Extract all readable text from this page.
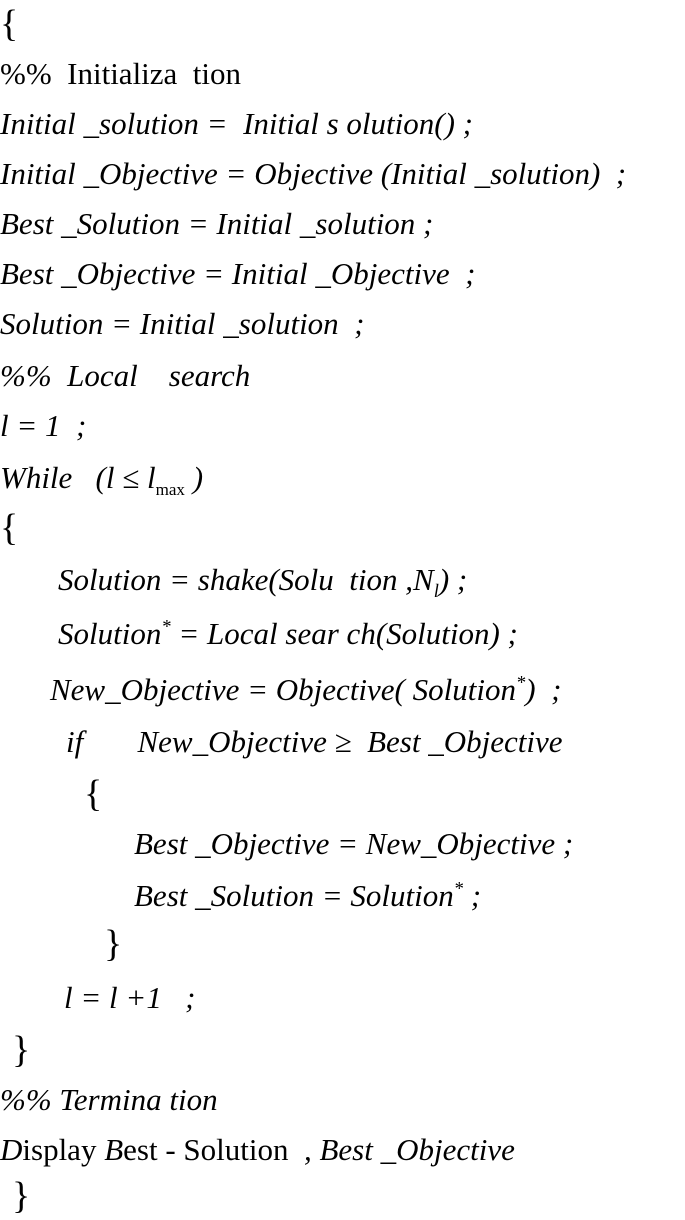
{
%%  Initializa  tion
Initial _solution =  Initial s olution() ;
Initial _Objective = Objective (Initial _solution)  ;
Best _Solution = Initial _solution ;
Best _Objective = Initial _Objective  ;
Solution = Initial _solution  ;
%%  Local    search
l = 1  ;
While   ($l \le l_{max}$ )
{
Solution = shake(Solu  tion $,N_l$) ;
Solution* = Local sear ch(Solution) ;
New_Objective = Objective( Solution*)  ;
if       New_Objective ≥  Best _Objective
{
Best _Objective = New_Objective ;
Best _Solution = Solution* ;
}
l = l +1   ;
}
%% Termina tion
Display Best - Solution  , Best _Objective
}
